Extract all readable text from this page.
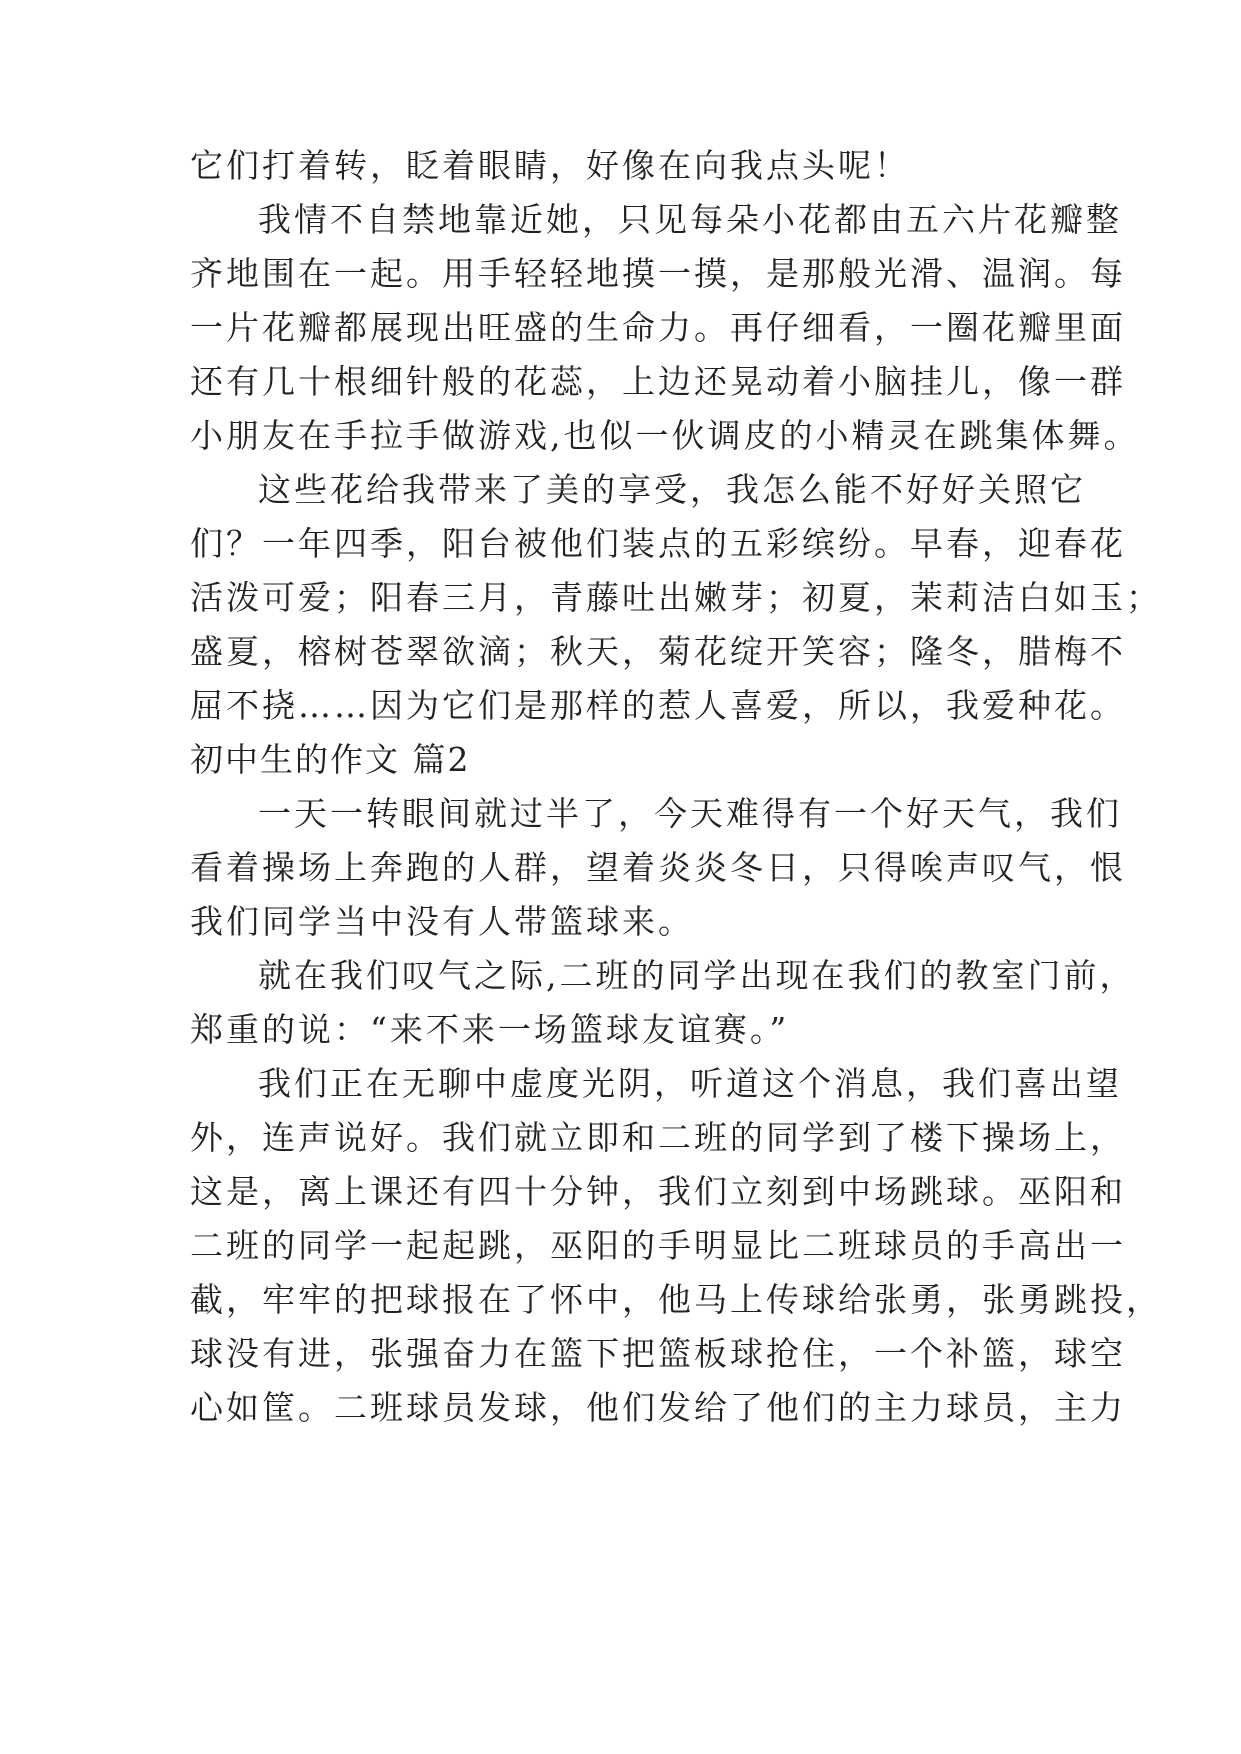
它们打着转，眨着眼睛，好像在向我点头呢！
我情不自禁地靠近她，只见每朵小花都由五六片花瓣整
齐地围在一起。用手轻轻地摸一摸，是那般光滑、温润。每
一片花瓣都展现出旺盛的生命力。再仔细看，一圈花瓣里面
还有几十根细针般的花蕊，上边还晃动着小脑挂儿，像一群
小朋友在手拉手做游戏,也似一伙调皮的小精灵在跳集体舞。
这些花给我带来了美的享受，我怎么能不好好关照它
们？一年四季，阳台被他们装点的五彩缤纷。早春，迎春花
活泼可爱；阳春三月，青藤吐出嫩芽；初夏，茉莉洁白如玉；
盛夏，榕树苍翠欲滴；秋天，菊花绽开笑容；隆冬，腊梅不
屈不挠……因为它们是那样的惹人喜爱，所以，我爱种花。
初中生的作文 篇2
一天一转眼间就过半了，今天难得有一个好天气，我们
看着操场上奔跑的人群，望着炎炎冬日，只得唉声叹气，恨
我们同学当中没有人带篮球来。
就在我们叹气之际,二班的同学出现在我们的教室门前，
郑重的说：“来不来一场篮球友谊赛。”
我们正在无聊中虚度光阴，听道这个消息，我们喜出望
外，连声说好。我们就立即和二班的同学到了楼下操场上，
这是，离上课还有四十分钟，我们立刻到中场跳球。巫阳和
二班的同学一起起跳，巫阳的手明显比二班球员的手高出一
截，牢牢的把球报在了怀中，他马上传球给张勇，张勇跳投，
球没有进，张强奋力在篮下把篮板球抢住，一个补篮，球空
心如筐。二班球员发球，他们发给了他们的主力球员，主力
